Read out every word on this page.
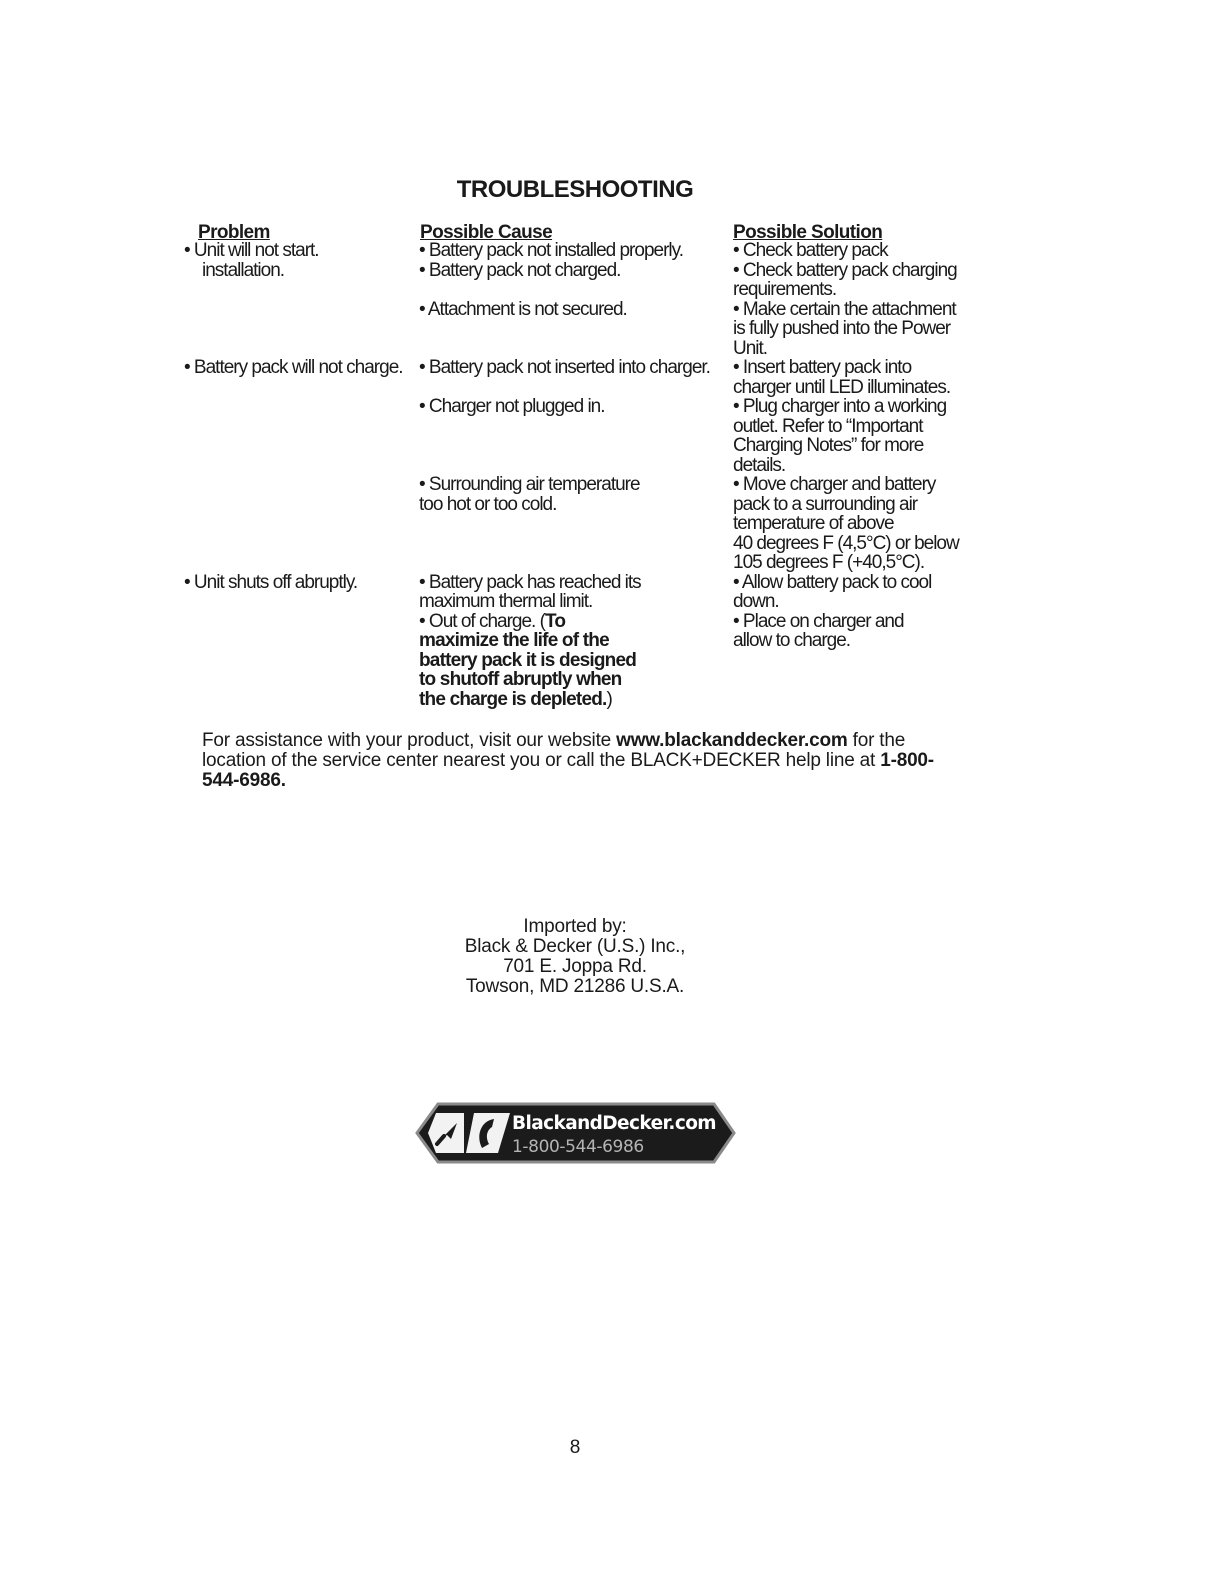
TROUBLESHOOTING
Problem	Possible Cause	Possible Solution
• Unit will not start.	• Battery pack not installed properly.	• Check battery pack
installation.	• Battery pack not charged.	• Check battery pack charging
requirements.
• Attachment is not secured.	• Make certain the attachment
is fully pushed into the Power
Unit.
• Battery pack will not charge. • Battery pack not inserted into charger. • Insert battery pack into
charger until LED illuminates.
• Charger not plugged in.	• Plug charger into a working
outlet. Refer to “Important
Charging Notes” for more
details.
• Surrounding air temperature	• Move charger and battery
too hot or too cold.	pack to a surrounding air
temperature of above
40 degrees F (4,5°C) or below
105 degrees F (+40,5°C).
• Unit shuts off abruptly.	• Battery pack has reached its	• Allow battery pack to cool
maximum thermal limit.	down.
• Out of charge. (To	• Place on charger and
maximize the life of the	allow to charge.
battery pack it is designed
to shutoff abruptly when
the charge is depleted.)
For assistance with your product, visit our website www.blackanddecker.com for the location of the service center nearest you or call the BLACK+DECKER help line at 1-800-544-6986.
Imported by:
Black & Decker (U.S.) Inc.,
701 E. Joppa Rd.
Towson, MD 21286 U.S.A.
BlackandDecker.com
1-800-544-6986
8
